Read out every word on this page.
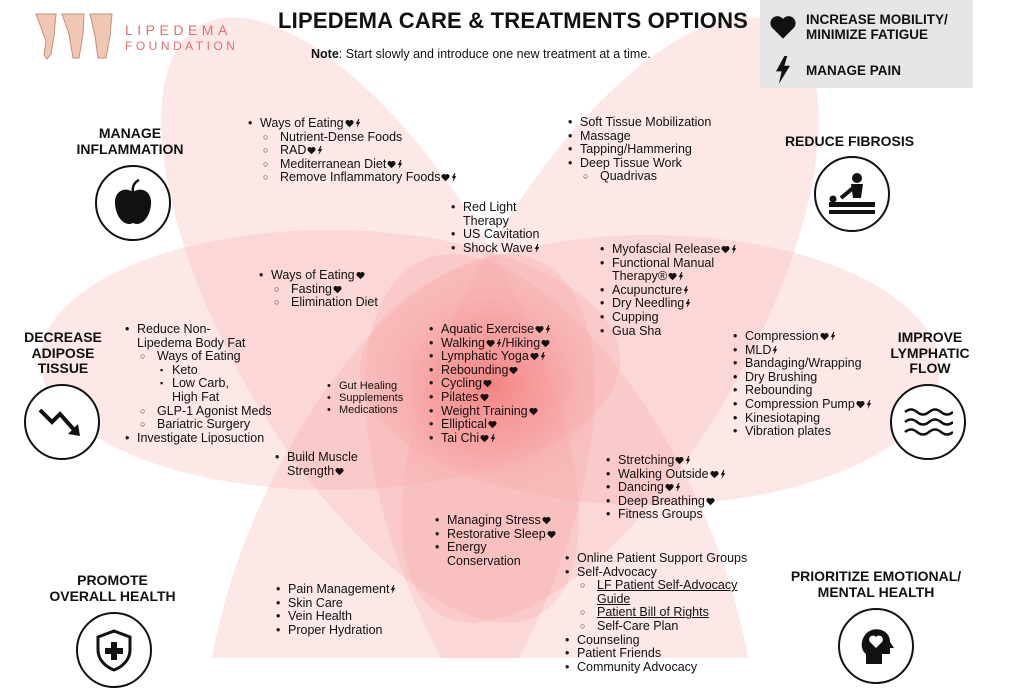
LIPEDEMA
FOUNDATION
LIPEDEMA CARE & TREATMENTS OPTIONS
Note: Start slowly and introduce one new treatment at a time.
INCREASE MOBILITY/
MINIMIZE FATIGUE
MANAGE PAIN
MANAGE
INFLAMMATION	REDUCE FIBROSIS
DECREASE
ADIPOSE
TISSUE
IMPROVE
LYMPHATIC
FLOW
PROMOTE
OVERALL HEALTH
PRIORITIZE EMOTIONAL/
MENTAL HEALTH
• Ways of Eating
○ Nutrient-Dense Foods
○ RAD
○ Mediterranean Diet
○ Remove Inflammatory Foods
• Soft Tissue Mobilization
• Massage
• Tapping/Hammering
• Deep Tissue Work
○ Quadrivas
• Red Light
Therapy
• US Cavitation
• Shock Wave
•	Myofascial Release
• Functional Manual
Therapy®
• Acupuncture
• Dry Needling
• Cupping
• Gua Sha
• Ways of Eating
○ Fasting
○ Elimination Diet
• Reduce Non-
Lipedema Body Fat
○ Ways of Eating
▪ Keto
▪ Low Carb,
High Fat
○ GLP-1 Agonist Meds
○ Bariatric Surgery
• Investigate Liposuction
• Gut Healing
• Supplements
• Medications
• Aquatic Exercise
• Walking /Hiking
• Lymphatic Yoga
• Rebounding
• Cycling
• Pilates
• Weight Training
• Elliptical
• Tai Chi
• Compression
• MLD
• Bandaging/Wrapping
• Dry Brushing
• Rebounding
• Compression Pump
• Kinesiotaping
• Vibration plates
• Build Muscle
Strength
• Stretching
• Walking Outside
• Dancing
• Deep Breathing
• Fitness Groups
• Managing Stress
• Restorative Sleep
• Energy
Conservation
• Pain Management
• Skin Care
• Vein Health
• Proper Hydration
• Online Patient Support Groups
• Self-Advocacy
○ LF Patient Self-Advocacy
Guide
○ Patient Bill of Rights
○ Self-Care Plan
• Counseling
• Patient Friends
• Community Advocacy
